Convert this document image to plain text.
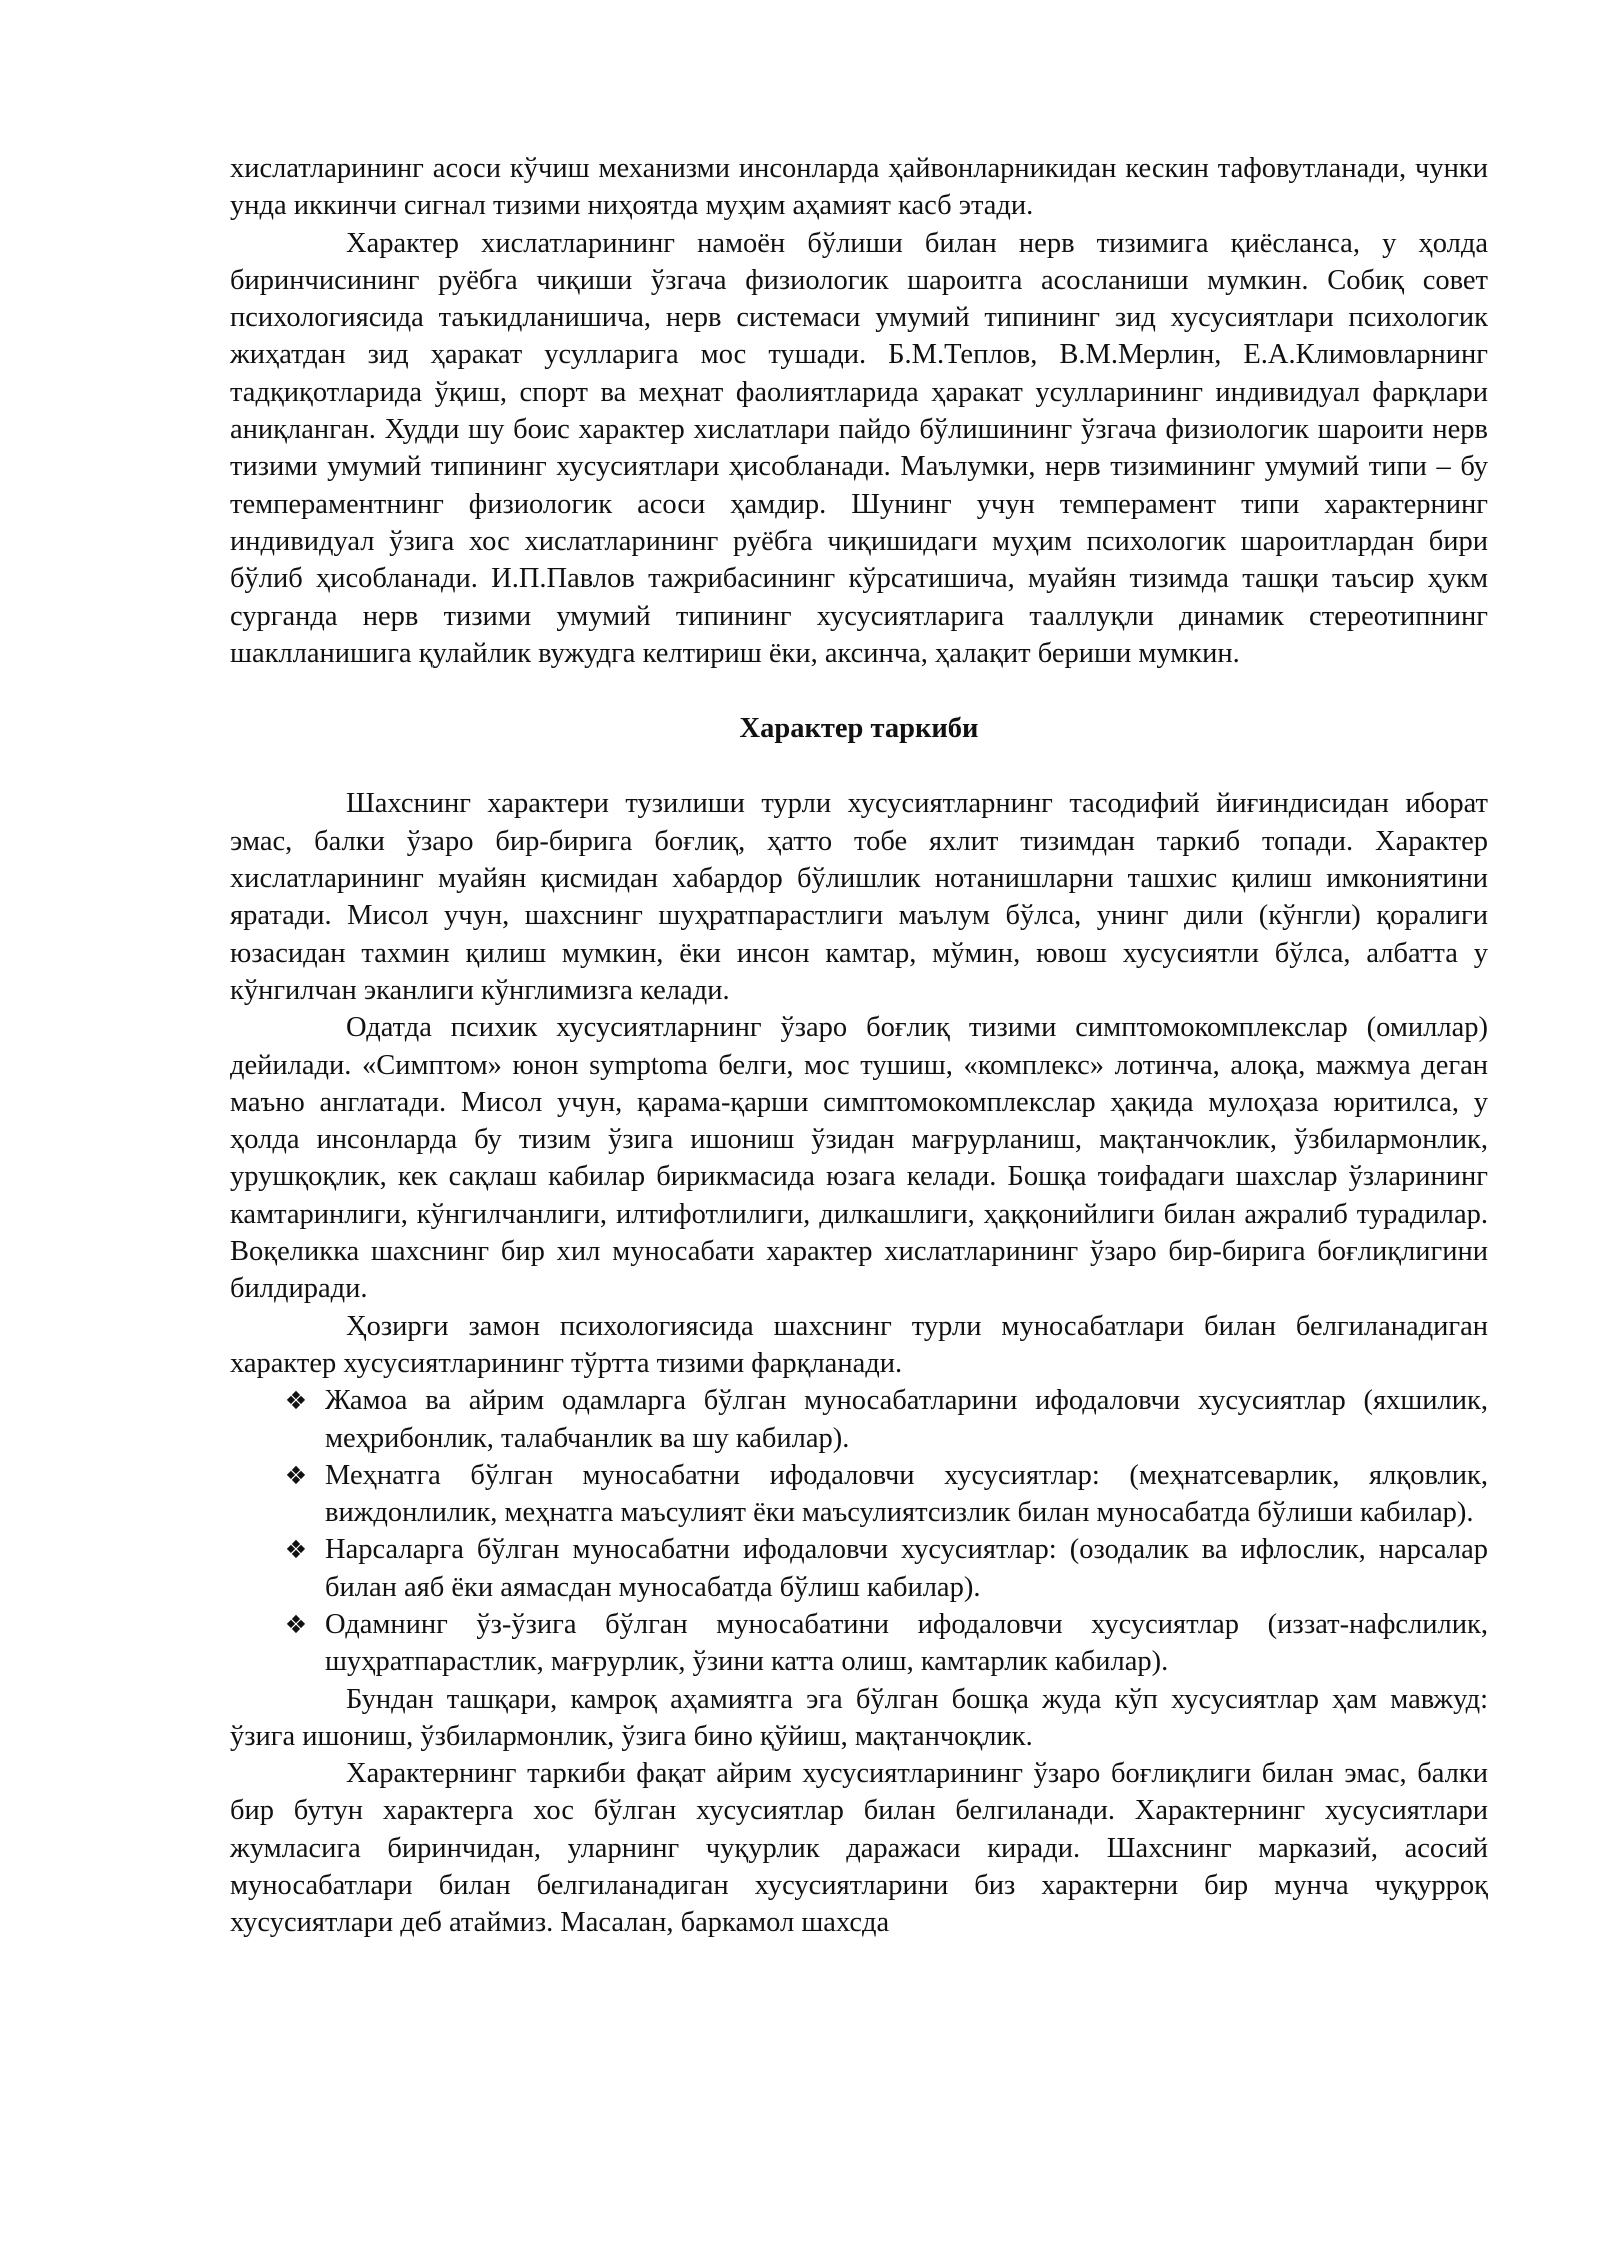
хислатларининг асоси кўчиш механизми инсонларда ҳайвонларникидан кескин тафовутланади, чунки унда иккинчи сигнал тизими ниҳоятда муҳим аҳамият касб этади.

Характер хислатларининг намоён бўлиши билан нерв тизимига қиёсланса, у ҳолда биринчисининг руёбга чиқиши ўзгача физиологик шароитга асосланиши мумкин. Собиқ совет психологиясида таъкидланишича, нерв системаси умумий типининг зид хусусиятлари психологик жиҳатдан зид ҳаракат усулларига мос тушади. Б.М.Теплов, В.М.Мерлин, Е.А.Климовларнинг тадқиқотларида ўқиш, спорт ва меҳнат фаолиятларида ҳаракат усулларининг индивидуал фарқлари аниқланган. Худди шу боис характер хислатлари пайдо бўлишининг ўзгача физиологик шароити нерв тизими умумий типининг хусусиятлари ҳисобланади. Маълумки, нерв тизимининг умумий типи – бу темпераментнинг физиологик асоси ҳамдир. Шунинг учун темперамент типи характернинг индивидуал ўзига хос хислатларининг руёбга чиқишидаги муҳим психологик шароитлардан бири бўлиб ҳисобланади. И.П.Павлов тажрибасининг кўрсатишича, муайян тизимда ташқи таъсир ҳукм сурганда нерв тизими умумий типининг хусусиятларига тааллуқли динамик стереотипнинг шаклланишига қулайлик вужудга келтириш ёки, аксинча, ҳалақит бериши мумкин.

Характер таркиби

Шахснинг характери тузилиши турли хусусиятларнинг тасодифий йиғиндисидан иборат эмас, балки ўзаро бир-бирига боғлиқ, ҳатто тобе яхлит тизимдан таркиб топади. Характер хислатларининг муайян қисмидан хабардор бўлишлик нотанишларни ташхис қилиш имкониятини яратади. Мисол учун, шахснинг шуҳратпарастлиги маълум бўлса, унинг дили (кўнгли) қоралиги юзасидан тахмин қилиш мумкин, ёки инсон камтар, мўмин, ювош хусусиятли бўлса, албатта у кўнгилчан эканлиги кўнглимизга келади.

Одатда психик хусусиятларнинг ўзаро боғлиқ тизими симптомокомплекслар (омиллар) дейилади. «Симптом» юнон symptoma белги, мос тушиш, «комплекс» лотинча, алоқа, мажмуа деган маъно англатади. Мисол учун, қарама-қарши симптомокомплекслар ҳақида мулоҳаза юритилса, у ҳолда инсонларда бу тизим ўзига ишониш ўзидан мағрурланиш, мақтанчоклик, ўзбилармонлик, урушқоқлик, кек сақлаш кабилар бирикмасида юзага келади. Бошқа тоифадаги шахслар ўзларининг камтаринлиги, кўнгилчанлиги, илтифотлилиги, дилкашлиги, ҳаққонийлиги билан ажралиб турадилар. Воқеликка шахснинг бир хил муносабати характер хислатларининг ўзаро бир-бирига боғлиқлигини билдиради.

Ҳозирги замон психологиясида шахснинг турли муносабатлари билан белгиланадиган характер хусусиятларининг тўртта тизими фарқланади.

❖ Жамоа ва айрим одамларга бўлган муносабатларини ифодаловчи хусусиятлар (яхшилик, меҳрибонлик, талабчанлик ва шу кабилар).
❖ Меҳнатга бўлган муносабатни ифодаловчи хусусиятлар: (меҳнатсеварлик, ялқовлик, виждонлилик, меҳнатга маъсулият ёки маъсулиятсизлик билан муносабатда бўлиши кабилар).
❖ Нарсаларга бўлган муносабатни ифодаловчи хусусиятлар: (озодалик ва ифлослик, нарсалар билан аяб ёки аямасдан муносабатда бўлиш кабилар).
❖ Одамнинг ўз-ўзига бўлган муносабатини ифодаловчи хусусиятлар (иззат-нафслилик, шуҳратпарастлик, мағрурлик, ўзини катта олиш, камтарлик кабилар).

Бундан ташқари, камроқ аҳамиятга эга бўлган бошқа жуда кўп хусусиятлар ҳам мавжуд: ўзига ишониш, ўзбилармонлик, ўзига бино қўйиш, мақтанчоқлик.

Характернинг таркиби фақат айрим хусусиятларининг ўзаро боғлиқлиги билан эмас, балки бир бутун характерга хос бўлган хусусиятлар билан белгиланади. Характернинг хусусиятлари жумласига биринчидан, уларнинг чуқурлик даражаси киради. Шахснинг марказий, асосий муносабатлари билан белгиланадиган хусусиятларини биз характерни бир мунча чуқурроқ хусусиятлари деб атаймиз. Масалан, баркамол шахсда
